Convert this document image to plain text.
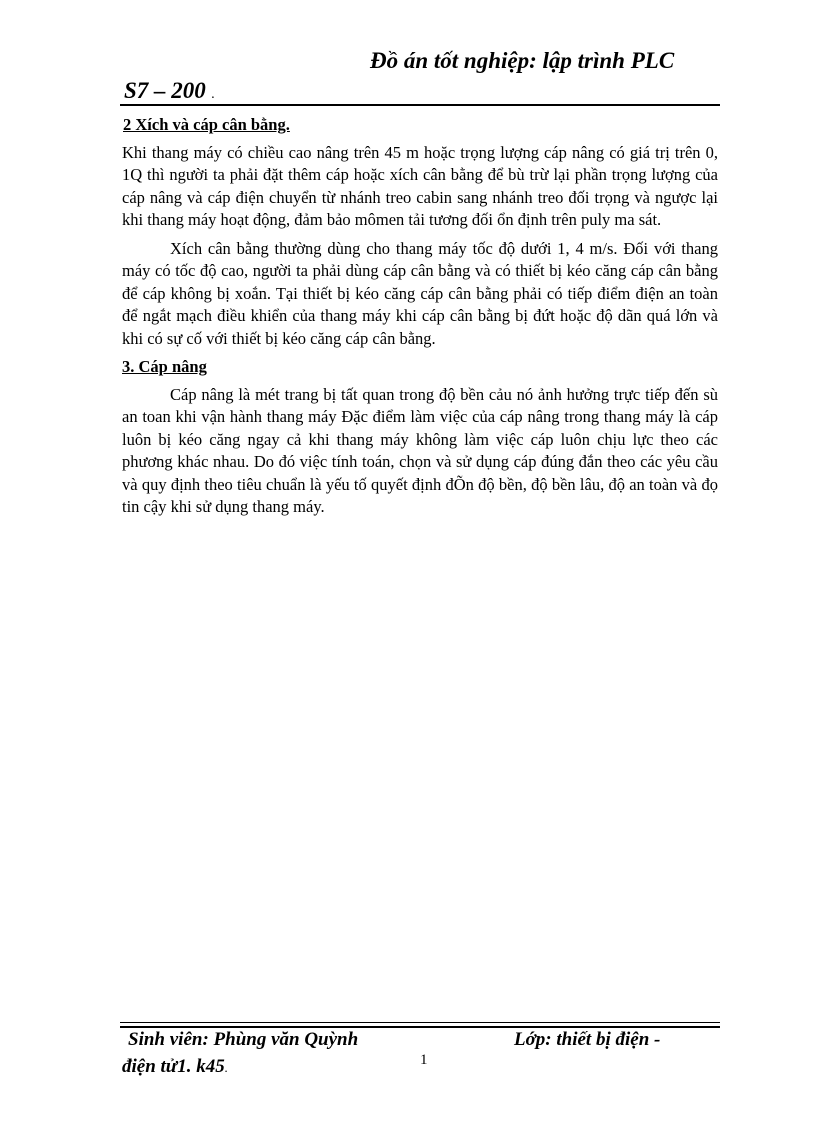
Đồ án tốt nghiệp: lập trình PLC
S7 – 200 .
2 Xích và cáp cân bằng.

Khi thang máy có chiều cao nâng trên 45 m hoặc trọng lượng cáp nâng có giá trị trên 0, 1Q thì người ta phải đặt thêm cáp hoặc xích cân bằng để bù trừ lại phần trọng lượng của cáp nâng và cáp điện chuyển từ nhánh treo cabin sang nhánh treo đối trọng và ngược lại khi thang máy hoạt động, đảm bảo mômen tải tương đối ổn định trên puly ma sát.

Xích cân bằng thường dùng cho thang máy tốc độ dưới 1, 4 m/s. Đối với thang máy có tốc độ cao, người ta phải dùng cáp cân bằng và có thiết bị kéo căng cáp cân bằng để cáp không bị xoắn. Tại thiết bị kéo căng cáp cân bằng phải có tiếp điểm điện an toàn để ngắt mạch điều khiển của thang máy khi cáp cân bằng bị đứt hoặc độ dãn quá lớn và khi có sự cố với thiết bị kéo căng cáp cân bằng.

3. Cáp nâng

Cáp nâng là mét trang bị tất quan trong độ bền cảu nó ảnh hưởng trực tiếp đến sù an toan khi vận hành thang máy Đặc điểm làm việc của cáp nâng trong thang máy là cáp luôn bị kéo căng ngay cả khi thang máy không làm việc cáp luôn chịu lực theo các phương khác nhau. Do đó việc tính toán, chọn và sử dụng cáp đúng đắn theo các yêu cầu và quy định theo tiêu chuẩn là yếu tố quyết định đÕn độ bền, độ bền lâu, độ an toàn và đọ tin cậy khi sử dụng thang máy.

Sinh viên: Phùng văn Quỳnh	Lớp: thiết bị điện -
điện tử1. k45.	1
